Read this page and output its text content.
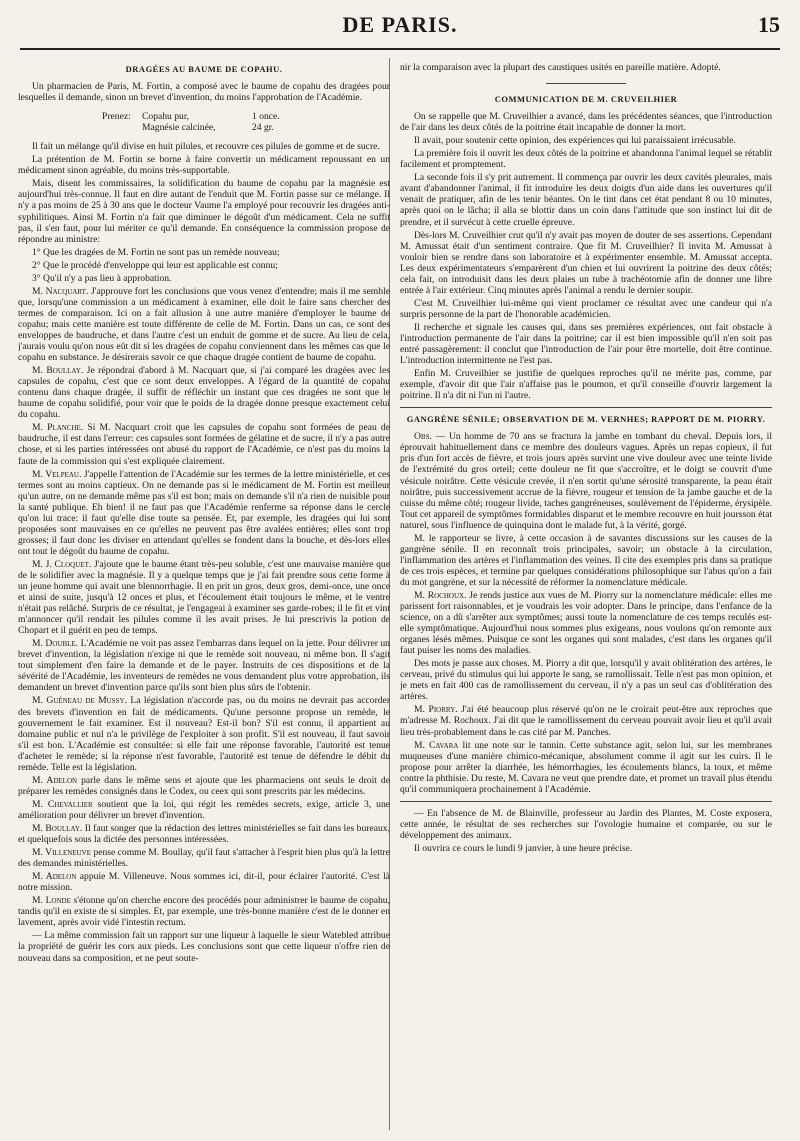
DE PARIS.	15

DRAGÉES AU BAUME DE COPAHU.

Un pharmacien de Paris, M. Fortin, a composé avec le baume de copahu des dragées pour lesquelles il demande, sinon un brevet d'invention, du moins l'approbation de l'Académie.

Prenez: Copahu pur,	1 once.
Magnésie calcinée,	24 gr.

Il fait un mélange qu'il divise en huit pilules, et recouvre ces pilules de gomme et de sucre.

La prétention de M. Fortin se borne à faire convertir un médicament repoussant en un médicament sinon agréable, du moins très-supportable.

Mais, disent les commissaires, la solidification du baume de copahu par la magnésie est aujourd'hui très-connue. Il faut en dire autant de l'enduit que M. Fortin passe sur ce mélange. Il n'y a pas moins de 25 à 30 ans que le docteur Vaume l'a employé pour recouvrir les dragées anti-syphilitiques. Ainsi M. Fortin n'a fait que diminuer le dégoût d'un médicament. Cela ne suffit pas, il s'en faut, pour lui mériter ce qu'il demande. En conséquence la commission propose de répondre au ministre:

1° Que les dragées de M. Fortin ne sont pas un remède nouveau;

2° Que le procédé d'enveloppe qui leur est applicable est connu;

3° Qu'il n'y a pas lieu à approbation.

M. Nacquart. J'approuve fort les conclusions que vous venez d'entendre; mais il me semble que, lorsqu'une commission a un médicament à examiner, elle doit le faire sans chercher des termes de comparaison. Ici on a fait allusion à une autre manière d'employer le baume de copahu; mais cette manière est toute différente de celle de M. Fortin. Dans un cas, ce sont des enveloppes de baudruche, et dans l'autre c'est un enduit de gomme et de sucre. Au lieu de cela, j'aurais voulu qu'on nous eût dit si les dragées de copahu conviennent dans les mêmes cas que le copahu en substance. Je désirerais savoir ce que chaque dragée contient de baume de copahu.

M. Boullay. Je répondrai d'abord à M. Nacquart que, si j'ai comparé les dragées avec les capsules de copahu, c'est que ce sont deux enveloppes. A l'égard de la quantité de copahu contenu dans chaque dragée, il suffit de réfléchir un instant que ces dragées ne sont que le baume de copahu solidifié, pour voir que le poids de la dragée donne presque exactement celui du copahu.

M. Planche. Si M. Nacquart croit que les capsules de copahu sont formées de peau de baudruche, il est dans l'erreur: ces capsules sont formées de gélatine et de sucre, il n'y a pas autre chose, et si les parties intéressées ont abusé du rapport de l'Académie, ce n'est pas du moins la faute de la commission qui s'est expliquée clairement.

M. Velpeau. J'appelle l'attention de l'Académie sur les termes de la lettre ministérielle, et ces termes sont au moins captieux. On ne demande pas si le médicament de M. Fortin est meilleur qu'un autre, on ne demande même pas s'il est bon; mais on demande s'il n'a rien de nuisible pour la santé publique. Eh bien! il ne faut pas que l'Académie renferme sa réponse dans le cercle qu'on lui trace: il faut qu'elle dise toute sa pensée. Et, par exemple, les dragées qui lui sont proposées sont mauvaises en ce qu'elles ne peuvent pas être avalées entières; elles sont trop grosses; il faut donc les diviser en attendant qu'elles se fondent dans la bouche, et dès-lors elles ont tout le dégoût du baume de copahu.

M. J. Cloquet. J'ajoute que le baume étant très-peu soluble, c'est une mauvaise manière que de le solidifier avec la magnésie. Il y a quelque temps que je j'ai fait prendre sous cette forme à un jeune homme qui avait une blennorrhagie. Il en prit un gros, deux gros, demi-once, une once et ainsi de suite, jusqu'à 12 onces et plus, et l'écoulement était toujours le même, et le ventre n'était pas relâché. Surpris de ce résultat, je l'engageai à examiner ses garde-robes; il le fit et vint m'annoncer qu'il rendait les pilules comme il les avait prises. Je lui prescrivis la potion de Chopart et il guérit en peu de temps.

M. Double. L'Académie ne voit pas assez l'embarras dans lequel on la jette. Pour délivrer un brevet d'invention, la législation n'exige ni que le remède soit nouveau, ni même bon. Il s'agit tout simplement d'en faire la demande et de le payer. Instruits de ces dispositions et de la sévérité de l'Académie, les inventeurs de remèdes ne vous demandent plus votre approbation, ils demandent un brevet d'invention parce qu'ils sont bien plus sûrs de l'obtenir.

M. Guéneau de Mussy. La législation n'accorde pas, ou du moins ne devrait pas accorder des brevets d'invention en fait de médicaments. Qu'une personne propose un remède, le gouvernement le fait examiner. Est il nouveau? Est-il bon? S'il est connu, il appartient au domaine public et nul n'a le privilège de l'exploiter à son profit. S'il est nouveau, il faut savoir s'il est bon. L'Académie est consultée: si elle fait une réponse favorable, l'autorité est tenue d'acheter le remède; si la réponse n'est favorable, l'autorité est tenue de défendre le débit du remède. Telle est la législation.

M. Adelon parle dans le même sens et ajoute que les pharmaciens ont seuls le droit de préparer les remèdes consignés dans le Codex, ou ceex qui sont prescrits par les médecins.

M. Chevallier soutient que la loi, qui régit les remèdes secrets, exige, article 3, une amélioration pour délivrer un brevet d'invention.

M. Boullay. Il faut songer que la rédaction des lettres ministérielles se fait dans les bureaux, et quelquefois sous la dictée des personnes intéressées.

M. Villeneuve pense comme M. Boullay, qu'il faut s'attacher à l'esprit bien plus qu'à la lettre des demandes ministérielles.

M. Adelon appuie M. Villeneuve. Nous sommes ici, dit-il, pour éclairer l'autorité. C'est là notre mission.

M. Londe s'étonne qu'on cherche encore des procédés pour administrer le baume de copahu, tandis qu'il en existe de si simples. Et, par exemple, une très-bonne manière c'est de le donner en lavement, après avoir vidé l'intestin rectum.

— La même commission fait un rapport sur une liqueur à laquelle le sieur Watebled attribue la propriété de guérir les cors aux pieds. Les conclusions sont que cette liqueur n'offre rien de nouveau dans sa composition, et ne peut soute-

nir la comparaison avec la plupart des caustiques usités en pareille matière. Adopté.

COMMUNICATION DE M. CRUVEILHIER

On se rappelle que M. Cruveilhier a avancé, dans les précédentes séances, que l'introduction de l'air dans les deux côtés de la poitrine était incapable de donner la mort.

Il avait, pour soutenir cette opinion, des expériences qui lui paraissaient irrécusable.

La première fois il ouvrit les deux côtés de la poitrine et abandonna l'animal lequel se rétablit facilement et promptement.

La seconde fois il s'y prit autrement. Il commença par ouvrir les deux cavités pleurales, mais avant d'abandonner l'animal, il fit introduire les deux doigts d'un aide dans les ouvertures qu'il venait de pratiquer, afin de les tenir béantes. On le tint dans cet état pendant 8 ou 10 minutes, après quoi on le lâcha; il alla se blottir dans un coin dans l'attitude que son instinct lui dit de prendre, et il survécut à cette cruelle épreuve.

Dès-lors M. Cruveilhier crut qu'il n'y avait pas moyen de douter de ses assertions. Cependant M. Amussat était d'un sentiment contraire. Que fit M. Cruveilhier? Il invita M. Amussat à vouloir bien se rendre dans son laboratoire et à expérimenter ensemble. M. Amussat accepta. Les deux expérimentateurs s'emparèrent d'un chien et lui ouvrirent la poitrine des deux côtés; cela fait, on introduisit dans les deux plaies un tube à trachéotomie afin de donner une libre entrée à l'air extérieur. Cinq minutes après l'animal a rendu le dernier soupir.

C'est M. Cruveilhier lui-même qui vient proclamer ce résultat avec une candeur qui n'a surpris personne de la part de l'honorable académicien.

Il recherche et signale les causes qui, dans ses premières expériences, ont fait obstacle à l'introduction permanente de l'air dans la poitrine; car il est bien impossible qu'il n'en soit pas entré passagèrement: il conclut que l'introduction de l'air pour être mortelle, doit être continue. L'introduction intermittente ne l'est pas.

Enfin M. Cruveilhier se justifie de quelques reproches qu'il ne mérite pas, comme, par exemple, d'avoir dit que l'air n'affaise pas le poumon, et qu'il conseille d'ouvrir largement la poitrine. Il n'a dit ni l'un ni l'autre.

GANGRÈNE SÉNILE; OBSERVATION DE M. VERNHES; RAPPORT DE M. PIORRY.

Obs. — Un homme de 70 ans se fractura la jambe en tombant du cheval. Depuis lors, il éprouvait habituellement dans ce membre des douleurs vagues. Après un repas copieux, il fut pris d'un fort accès de fièvre, et trois jours après survint une vive douleur avec une teinte livide de l'extrémité du gros orteil; cette douleur ne fit que s'accroître, et le doigt se couvrit d'une vésicule noirâtre. Cette vésicule crevée, il n'en sortit qu'une sérosité transparente, la peau était noirâtre, puis successivement accrue de la fièvre, rougeur et tension de la jambe gauche et de la cuisse du même côté; rougeur livide, taches gangréneuses, soulèvement de l'épiderme, érysipèle. Tout cet appareil de symptômes formidables disparut et le membre recouvre en huit joursson état naturel, sous l'influence de quinquina dont le malade fut, à la vérité, gorgé.

M. le rapporteur se livre, à cette occasion à de savantes discussions sur les causes de la gangrène sénile. Il en reconnaît trois principales, savoir; un obstacle à la circulation, l'inflammation des artères et l'inflammation des veines. Il cite des exemples pris dans sa pratique de ces trois espèces, et termine par quelques considérations philosophique sur l'abus qu'on a fait du mot gangrène, et sur la nécessité de réformer la nomenclature médicale.

M. Rochoux. Je rends justice aux vues de M. Piorry sur la nomenclature médicale: elles me parissent fort raisonnables, et je voudrais les voir adopter. Dans le principe, dans l'enfance de la science, on a dû s'arrêter aux symptômes; aussi toute la nomenclature de ces temps reculés est-elle symptômatique. Aujourd'hui nous sommes plus exigeans, nous voulons qu'on remonte aux organes lésés mêmes. Puisque ce sont les organes qui sont malades, c'est dans les organes qu'il faut puiser les noms des maladies.

Des mots je passe aux choses. M. Piorry a dit que, lorsqu'il y avait oblitération des artères, le cerveau, privé du stimulus qui lui apporte le sang, se ramollissait. Telle n'est pas mon opinion, et je mets en fait 400 cas de ramollissement du cerveau, il n'y a pas un seul cas d'oblitération des artères.

M. Piorry. J'ai été beaucoup plus réservé qu'on ne le croirait peut-être aux reproches que m'adresse M. Rochoux. J'ai dit que le ramollissement du cerveau pouvait avoir lieu et qu'il avait lieu très-probablement dans le cas cité par M. Panches.

M. Cavara lit une note sur le tannin. Cette substance agit, selon lui, sur les membranes muqueuses d'une manière chimico-mécanique, absolument comme il agit sur les cuirs. Il le propose pour arrêter la diarrhée, les hémorrhagies, les écoulements blancs, la toux, et même contre la phthisie. Du reste, M. Cavara ne veut que prendre date, et promet un travail plus étendu qu'il communiquera prochainement à l'Académie.

— En l'absence de M. de Blainville, professeur au Jardin des Plantes, M. Coste exposera, cette année, le résultat de ses recherches sur l'ovologie humaine et comparée, ou sur le développement des animaux.

Il ouvrira ce cours le lundi 9 janvier, à une heure précise.
